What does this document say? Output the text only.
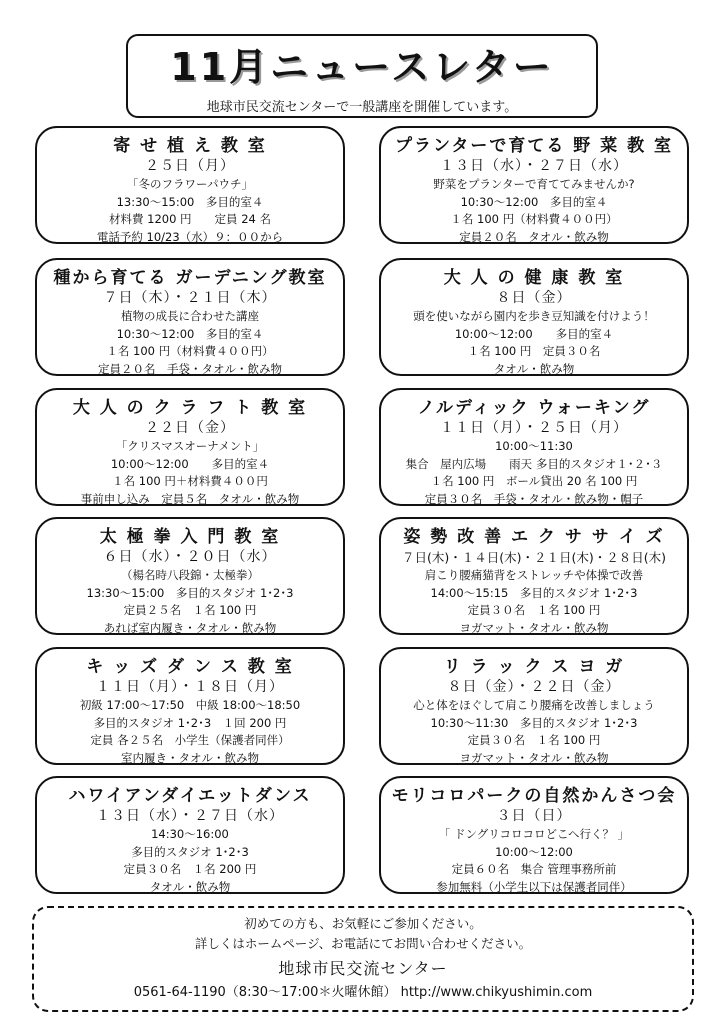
11月ニュースレター
地球市民交流センターで一般講座を開催しています。
寄 せ 植 え 教 室
２５日（月）
「冬のフラワーパウチ」
13:30〜15:00　多目的室４
材料費 1200 円　　定員 24 名
電話予約 10/23（水）９：００から
プランターで育てる 野 菜 教 室
１３日（水）・２７日（水）
野菜をプランターで育ててみませんか?
10:30〜12:00　多目的室４
１名 100 円（材料費４００円）
定員２０名　タオル・飲み物
種から育てる ガーデニング教室
７日（木）・２１日（木）
植物の成長に合わせた講座
10:30〜12:00　多目的室４
１名 100 円（材料費４００円）
定員２０名　手袋・タオル・飲み物
大 人 の 健 康 教 室
８日（金）
頭を使いながら園内を歩き豆知識を付けよう！
10:00〜12:00　　多目的室４
１名 100 円　定員３０名
タオル・飲み物
大 人 の ク ラ フ ト 教 室
２２日（金）
「クリスマスオーナメント」
10:00〜12:00　　多目的室４
１名 100 円＋材料費４００円
事前申し込み　定員５名　タオル・飲み物
ノルディック ウォーキング
１１日（月）・２５日（月）
10:00〜11:30
集合　屋内広場　　雨天 多目的スタジオ１･２･３
１名 100 円　ボール貸出 20 名 100 円
定員３０名　手袋・タオル・飲み物・帽子
太 極 拳 入 門 教 室
６日（水）・２０日（水）
（楊名時八段錦・太極拳）
13:30〜15:00　多目的スタジオ 1･2･3
定員２５名　１名 100 円
あれば室内履き・タオル・飲み物
姿 勢 改 善 エ ク サ サ イ ズ
７日(木)・１４日(木)・２１日(木)・２８日(木)
肩こり腰痛猫背をストレッチや体操で改善
14:00〜15:15　多目的スタジオ 1･2･3
定員３０名　１名 100 円
ヨガマット・タオル・飲み物
キ ッ ズ ダ ン ス 教 室
１１日（月）・１８日（月）
初級 17:00〜17:50　中級 18:00〜18:50
多目的スタジオ 1･2･3　１回 200 円
定員 各２５名　小学生（保護者同伴）
室内履き・タオル・飲み物
リ ラ ッ ク ス ヨ ガ
８日（金）・２２日（金）
心と体をほぐして肩こり腰痛を改善しましょう
10:30〜11:30　多目的スタジオ 1･2･3
定員３０名　１名 100 円
ヨガマット・タオル・飲み物
ハワイアンダイエットダンス
１３日（水）・２７日（水）
14:30〜16:00
多目的スタジオ 1･2･3
定員３０名　１名 200 円
タオル・飲み物
モリコロパークの自然かんさつ会
３日（日）
「 ドングリコロコロどこへ行く？ 」
10:00〜12:00
定員６０名　集合 管理事務所前
参加無料（小学生以下は保護者同伴）
初めての方も、お気軽にご参加ください。
詳しくはホームページ、お電話にてお問い合わせください。
地球市民交流センター
0561-64-1190（8:30〜17:00＊火曜休館） http://www.chikyushimin.com
